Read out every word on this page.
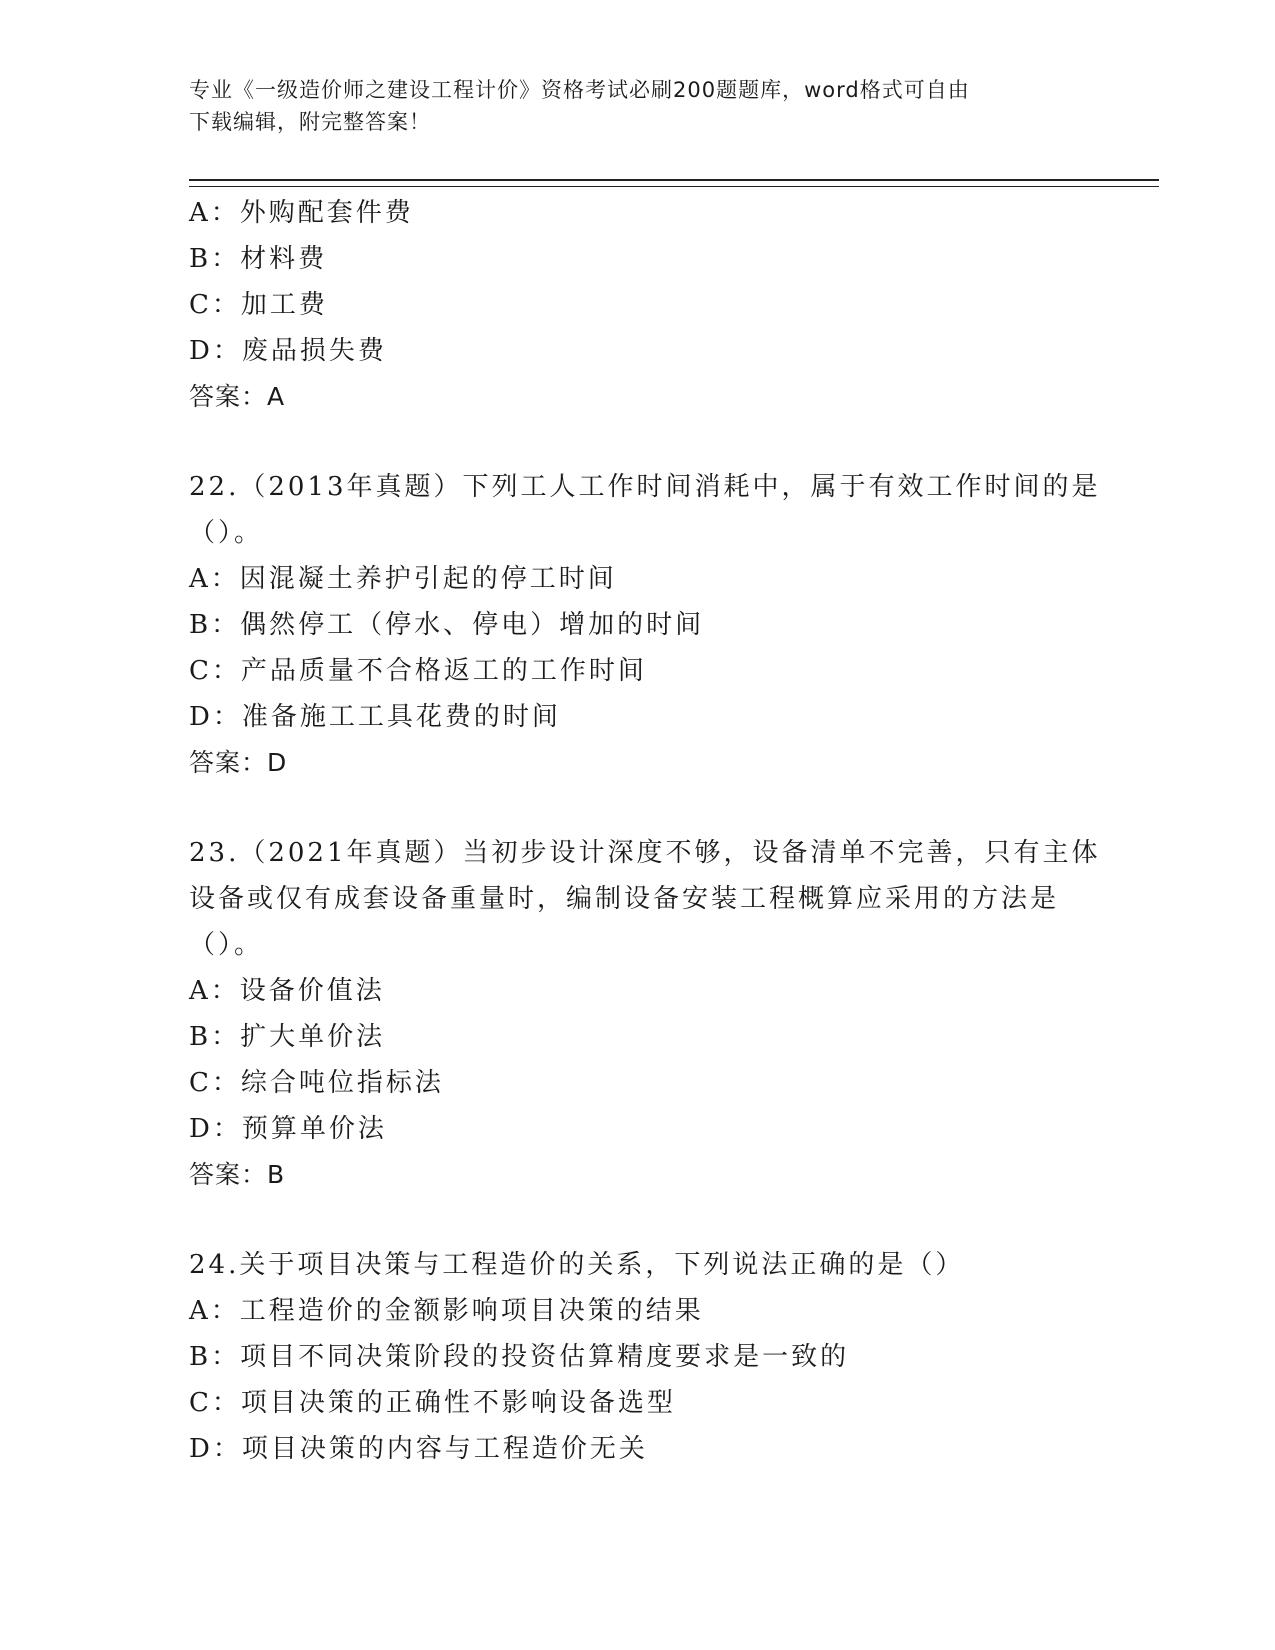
专业《一级造价师之建设工程计价》资格考试必刷200题题库，word格式可自由
下载编辑，附完整答案！
A：外购配套件费
B：材料费
C：加工费
D：废品损失费
答案：A
22.（2013年真题）下列工人工作时间消耗中，属于有效工作时间的是
（）。
A：因混凝土养护引起的停工时间
B：偶然停工（停水、停电）增加的时间
C：产品质量不合格返工的工作时间
D：准备施工工具花费的时间
答案：D
23.（2021年真题）当初步设计深度不够，设备清单不完善，只有主体
设备或仅有成套设备重量时，编制设备安装工程概算应采用的方法是
（）。
A：设备价值法
B：扩大单价法
C：综合吨位指标法
D：预算单价法
答案：B
24.关于项目决策与工程造价的关系，下列说法正确的是（）
A：工程造价的金额影响项目决策的结果
B：项目不同决策阶段的投资估算精度要求是一致的
C：项目决策的正确性不影响设备选型
D：项目决策的内容与工程造价无关
